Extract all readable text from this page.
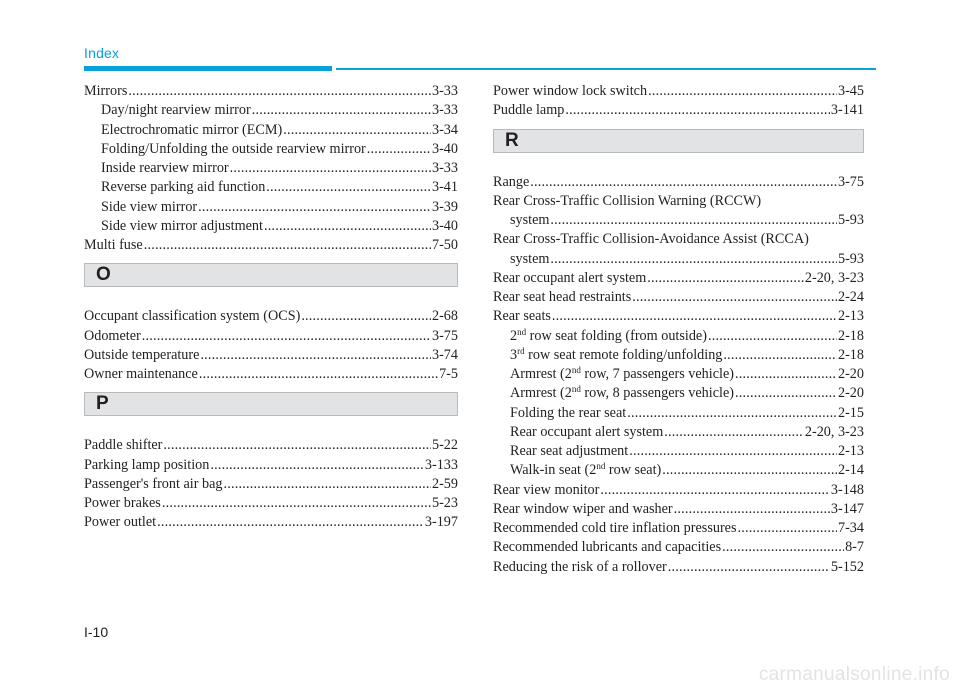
Index
Mirrors .....	3-33
Day/night rearview mirror .....	3-33
Electrochromatic mirror (ECM) .....	3-34
Folding/Unfolding the outside rearview mirror .....	3-40
Inside rearview mirror .....	3-33
Reverse parking aid function .....	3-41
Side view mirror .....	3-39
Side view mirror adjustment .....	3-40
Multi fuse .....	7-50
O
Occupant classification system (OCS) .....	2-68
Odometer .....	3-75
Outside temperature .....	3-74
Owner maintenance .....	7-5
P
Paddle shifter .....	5-22
Parking lamp position .....	3-133
Passenger's front air bag .....	2-59
Power brakes .....	5-23
Power outlet .....	3-197
Power window lock switch .....	3-45
Puddle lamp .....	3-141
R
Range .....	3-75
Rear Cross-Traffic Collision Warning (RCCW)
system .....	5-93
Rear Cross-Traffic Collision-Avoidance Assist (RCCA)
system .....	5-93
Rear occupant alert system .....	2-20, 3-23
Rear seat head restraints .....	2-24
Rear seats .....	2-13
2nd row seat folding (from outside) .....	2-18
3rd row seat remote folding/unfolding .....	2-18
Armrest (2nd row, 7 passengers vehicle) .....	2-20
Armrest (2nd row, 8 passengers vehicle) .....	2-20
Folding the rear seat .....	2-15
Rear occupant alert system .....	2-20, 3-23
Rear seat adjustment .....	2-13
Walk-in seat (2nd row seat) .....	2-14
Rear view monitor .....	3-148
Rear window wiper and washer .....	3-147
Recommended cold tire inflation pressures .....	7-34
Recommended lubricants and capacities .....	8-7
Reducing the risk of a rollover .....	5-152
I-10
carmanualsonline.info
